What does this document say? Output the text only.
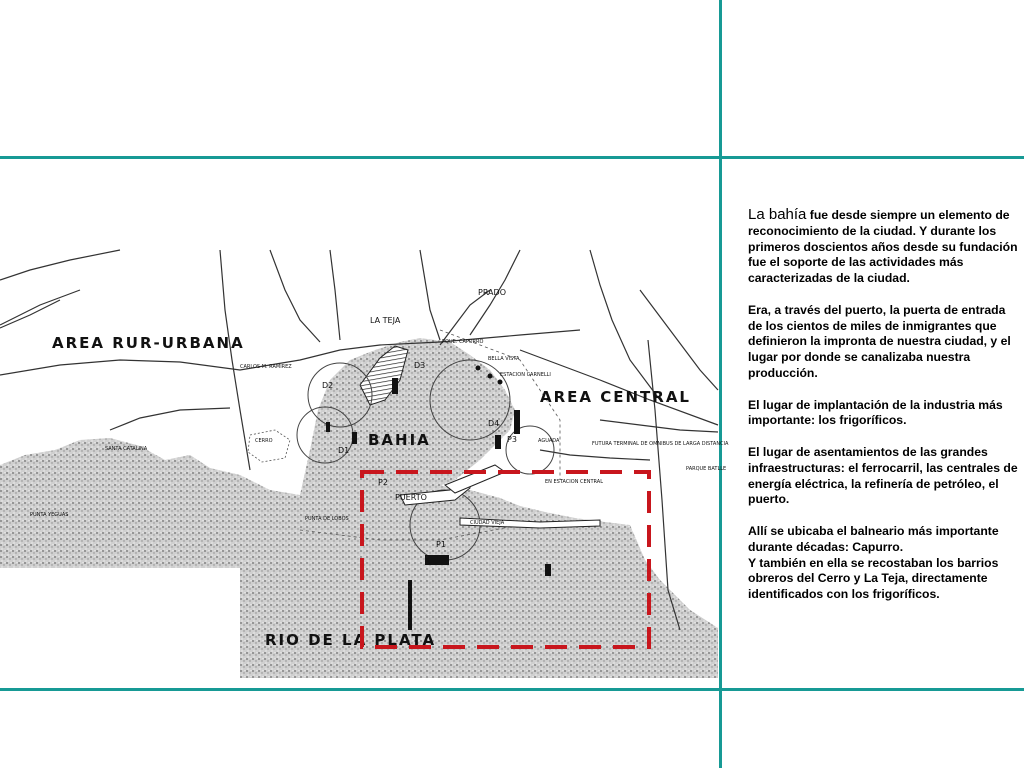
AREA RUR-URBANA
AREA CENTRAL
BAHIA
RIO DE LA PLATA
PUERTO
LA TEJA
PRADO
BELLA VISTA
ESTACION CARNELLI
EN ESTACION CENTRAL
CERRO
SANTA CATALINA
PUNTA YEGUAS
PUNTA DE LOBOS
CIUDAD VIEJA
AGUADA
PQUE. CAPURRO
CARLOS M. RAMIREZ
PARQUE BATLLE
FUTURA TERMINAL DE OMNIBUS DE LARGA DISTANCIA
D1
D2
D3
D4
P1
P2
P3

La bahía fue desde siempre un elemento de reconocimiento de la ciudad. Y durante los primeros doscientos años desde su fundación fue el soporte de las actividades más caracterizadas de la ciudad.

Era, a través del puerto, la puerta de entrada de los cientos de miles de inmigrantes que definieron la impronta de nuestra ciudad, y el lugar por donde se canalizaba nuestra producción.

El lugar de implantación de la industria más importante: los frigoríficos.

El lugar de asentamientos de las grandes infraestructuras: el ferrocarril, las centrales de energía eléctrica, la refinería de petróleo, el puerto.

Allí se ubicaba el balneario más importante durante décadas: Capurro.
Y también en ella se recostaban los barrios obreros del Cerro y La Teja, directamente identificados con los frigoríficos.
